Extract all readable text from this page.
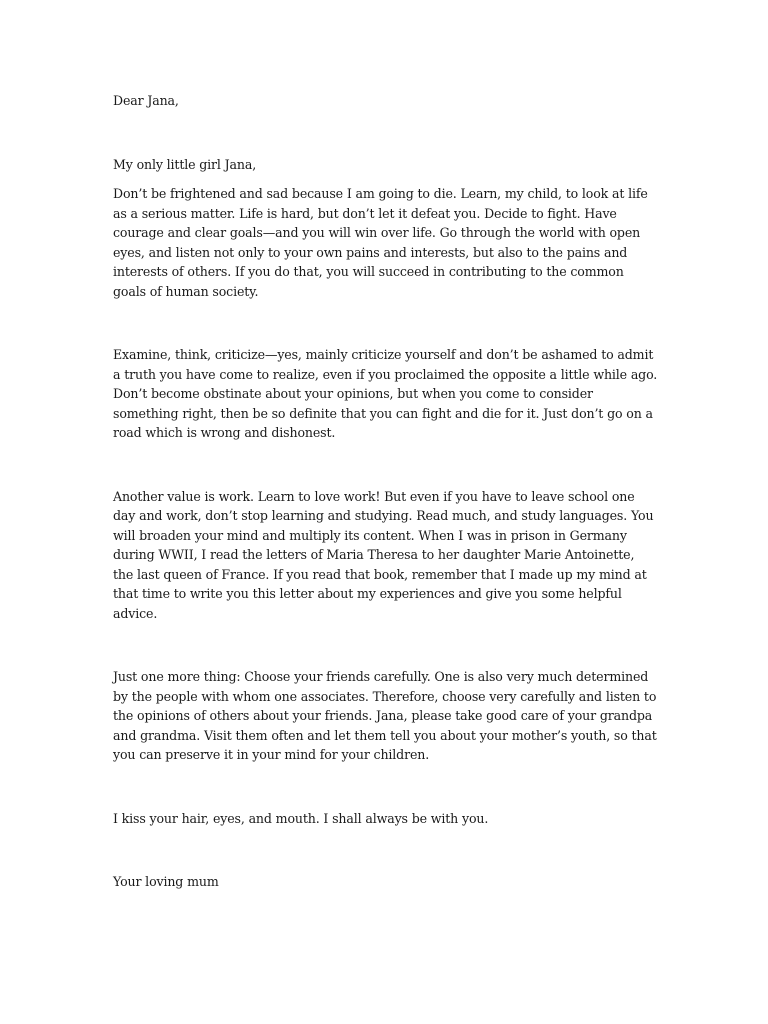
Dear Jana,

My only little girl Jana,

Don’t be frightened and sad because I am going to die. Learn, my child, to look at life as a serious matter. Life is hard, but don’t let it defeat you. Decide to fight. Have courage and clear goals—and you will win over life. Go through the world with open eyes, and listen not only to your own pains and interests, but also to the pains and interests of others. If you do that, you will succeed in contributing to the common goals of human society.

Examine, think, criticize—yes, mainly criticize yourself and don’t be ashamed to admit a truth you have come to realize, even if you proclaimed the opposite a little while ago. Don’t become obstinate about your opinions, but when you come to consider something right, then be so definite that you can fight and die for it. Just don’t go on a road which is wrong and dishonest.

Another value is work. Learn to love work! But even if you have to leave school one day and work, don’t stop learning and studying. Read much, and study languages. You will broaden your mind and multiply its content. When I was in prison in Germany during WWII, I read the letters of Maria Theresa to her daughter Marie Antoinette, the last queen of France. If you read that book, remember that I made up my mind at that time to write you this letter about my experiences and give you some helpful advice.

Just one more thing: Choose your friends carefully. One is also very much determined by the people with whom one associates. Therefore, choose very carefully and listen to the opinions of others about your friends. Jana, please take good care of your grandpa and grandma. Visit them often and let them tell you about your mother’s youth, so that you can preserve it in your mind for your children.

I kiss your hair, eyes, and mouth. I shall always be with you.

Your loving mum
